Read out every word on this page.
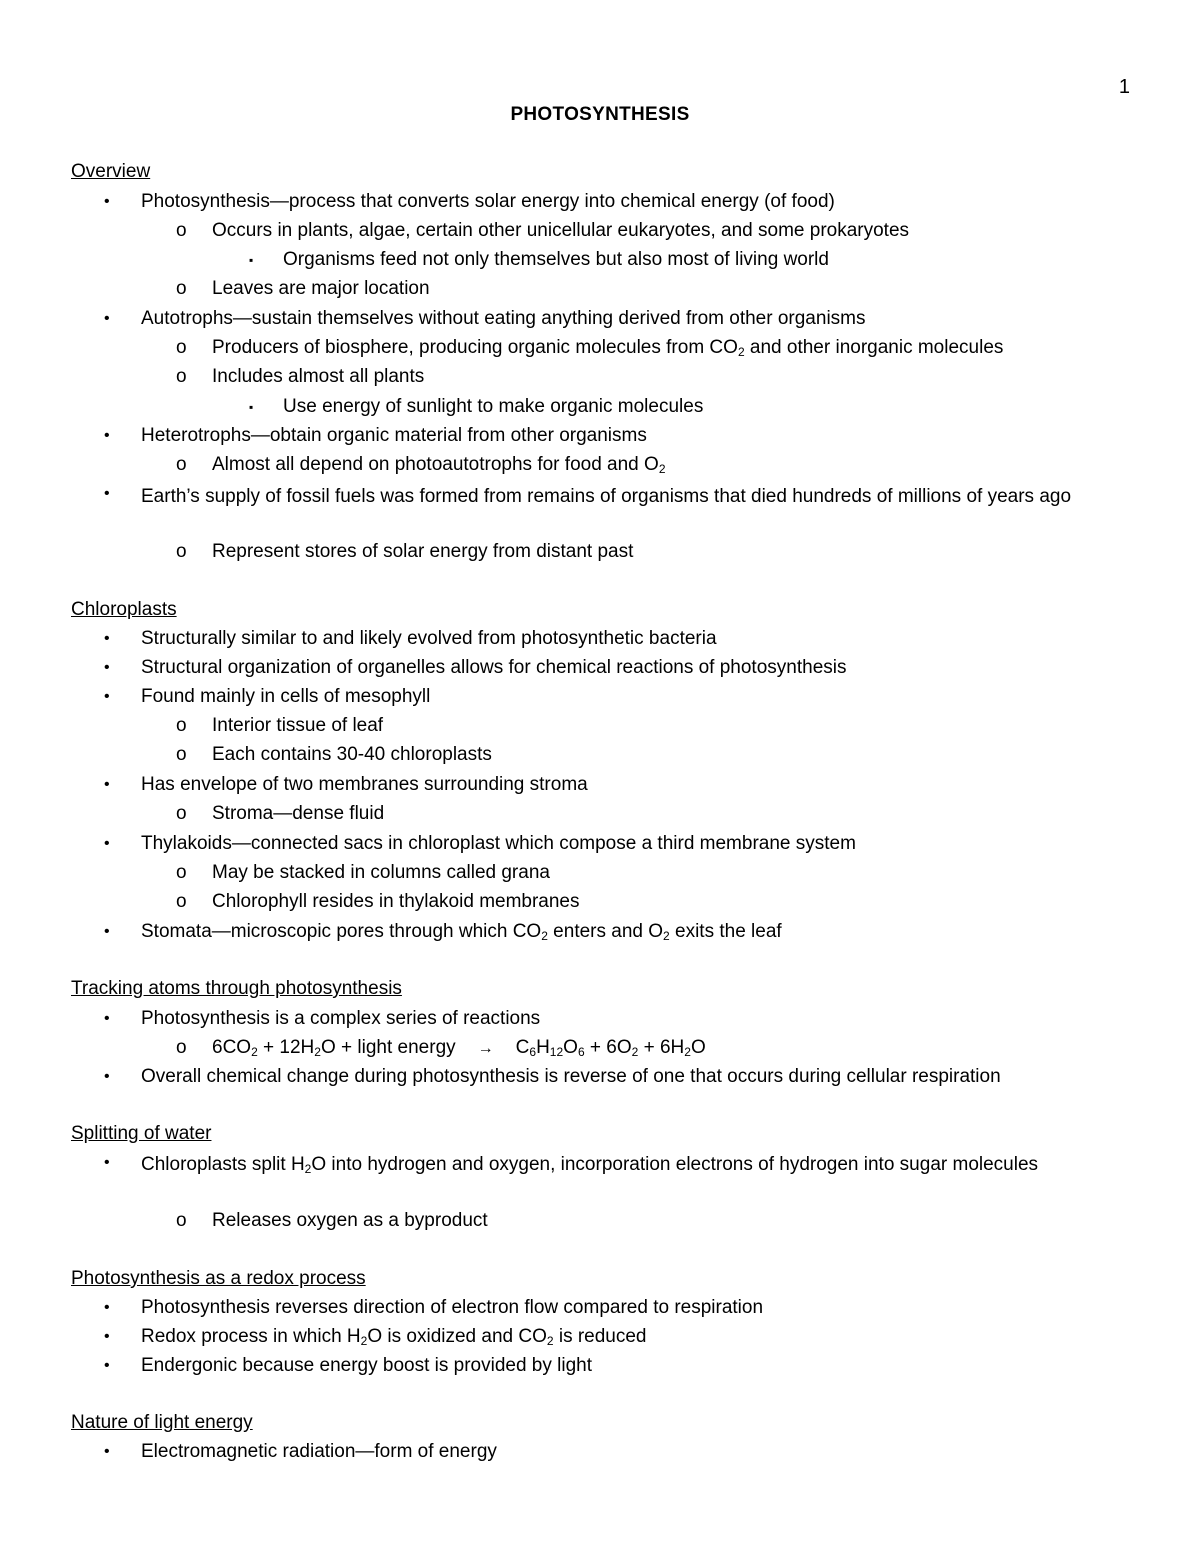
1
PHOTOSYNTHESIS
Overview
• Photosynthesis—process that converts solar energy into chemical energy (of food)
o Occurs in plants, algae, certain other unicellular eukaryotes, and some prokaryotes
▪ Organisms feed not only themselves but also most of living world
o Leaves are major location
• Autotrophs—sustain themselves without eating anything derived from other organisms
o Producers of biosphere, producing organic molecules from $CO_2$ and other inorganic molecules
o Includes almost all plants
▪ Use energy of sunlight to make organic molecules
• Heterotrophs—obtain organic material from other organisms
o Almost all depend on photoautotrophs for food and $O_2$
• Earth’s supply of fossil fuels was formed from remains of organisms that died hundreds of millions of years ago
o Represent stores of solar energy from distant past
Chloroplasts
• Structurally similar to and likely evolved from photosynthetic bacteria
• Structural organization of organelles allows for chemical reactions of photosynthesis
• Found mainly in cells of mesophyll
o Interior tissue of leaf
o Each contains 30-40 chloroplasts
• Has envelope of two membranes surrounding stroma
o Stroma—dense fluid
• Thylakoids—connected sacs in chloroplast which compose a third membrane system
o May be stacked in columns called grana
o Chlorophyll resides in thylakoid membranes
• Stomata—microscopic pores through which $CO_2$ enters and $O_2$ exits the leaf
Tracking atoms through photosynthesis
• Photosynthesis is a complex series of reactions
o $6CO_2 + 12H_2O$ + light energy → $C_6H_{12}O_6 + 6O_2 + 6H_2O$
• Overall chemical change during photosynthesis is reverse of one that occurs during cellular respiration
Splitting of water
• Chloroplasts split $H_2O$ into hydrogen and oxygen, incorporation electrons of hydrogen into sugar molecules
o Releases oxygen as a byproduct
Photosynthesis as a redox process
• Photosynthesis reverses direction of electron flow compared to respiration
• Redox process in which $H_2O$ is oxidized and $CO_2$ is reduced
• Endergonic because energy boost is provided by light
Nature of light energy
• Electromagnetic radiation—form of energy
